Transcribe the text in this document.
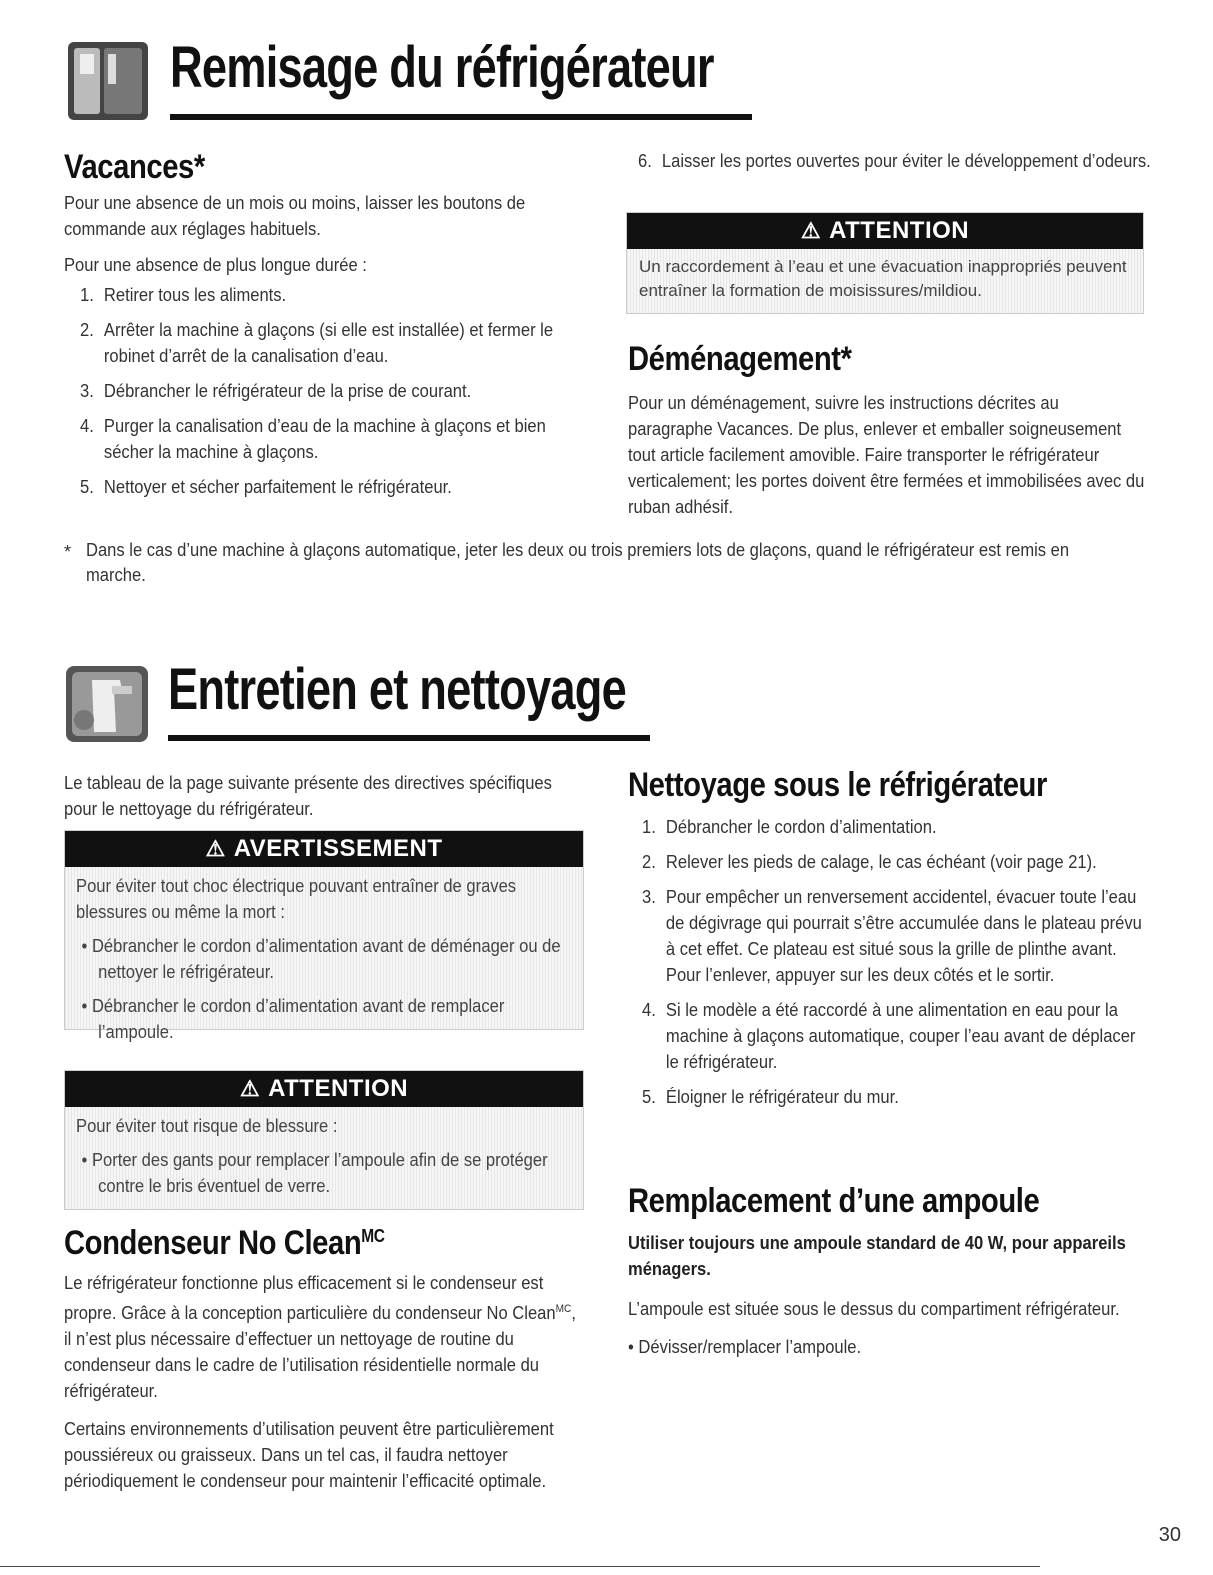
Remisage du réfrigérateur
Vacances*

Pour une absence de un mois ou moins, laisser les boutons de commande aux réglages habituels.

Pour une absence de plus longue durée :

1. Retirer tous les aliments.
2. Arrêter la machine à glaçons (si elle est installée) et fermer le robinet d’arrêt de la canalisation d’eau.
3. Débrancher le réfrigérateur de la prise de courant.
4. Purger la canalisation d’eau de la machine à glaçons et bien sécher la machine à glaçons.
5. Nettoyer et sécher parfaitement le réfrigérateur.
6. Laisser les portes ouvertes pour éviter le développement d’odeurs.
⚠ ATTENTION
Un raccordement à l’eau et une évacuation inappropriés peuvent entraîner la formation de moisissures/mildiou.
Déménagement*

Pour un déménagement, suivre les instructions décrites au paragraphe Vacances. De plus, enlever et emballer soigneusement tout article facilement amovible. Faire transporter le réfrigérateur verticalement; les portes doivent être fermées et immobilisées avec du ruban adhésif.

* Dans le cas d’une machine à glaçons automatique, jeter les deux ou trois premiers lots de glaçons, quand le réfrigérateur est remis en marche.
Entretien et nettoyage

Le tableau de la page suivante présente des directives spécifiques pour le nettoyage du réfrigérateur.

⚠ AVERTISSEMENT
Pour éviter tout choc électrique pouvant entraîner de graves blessures ou même la mort :
• Débrancher le cordon d’alimentation avant de déménager ou de nettoyer le réfrigérateur.
• Débrancher le cordon d’alimentation avant de remplacer l’ampoule.
⚠ ATTENTION
Pour éviter tout risque de blessure :
• Porter des gants pour remplacer l’ampoule afin de se protéger contre le bris éventuel de verre.
Condenseur No Clean$^{MC}$

Le réfrigérateur fonctionne plus efficacement si le condenseur est propre. Grâce à la conception particulière du condenseur No Clean$^{MC}$, il n’est plus nécessaire d’effectuer un nettoyage de routine du condenseur dans le cadre de l’utilisation résidentielle normale du réfrigérateur.

Certains environnements d’utilisation peuvent être particulièrement poussiéreux ou graisseux. Dans un tel cas, il faudra nettoyer périodiquement le condenseur pour maintenir l’efficacité optimale.

Nettoyage sous le réfrigérateur
1. Débrancher le cordon d’alimentation.
2. Relever les pieds de calage, le cas échéant (voir page 21).
3. Pour empêcher un renversement accidentel, évacuer toute l’eau de dégivrage qui pourrait s’être accumulée dans le plateau prévu à cet effet. Ce plateau est situé sous la grille de plinthe avant. Pour l’enlever, appuyer sur les deux côtés et le sortir.
4. Si le modèle a été raccordé à une alimentation en eau pour la machine à glaçons automatique, couper l’eau avant de déplacer le réfrigérateur.
5. Éloigner le réfrigérateur du mur.
Remplacement d’une ampoule

Utiliser toujours une ampoule standard de 40 W, pour appareils ménagers.

L’ampoule est située sous le dessus du compartiment réfrigérateur.

• Dévisser/remplacer l’ampoule.

30
